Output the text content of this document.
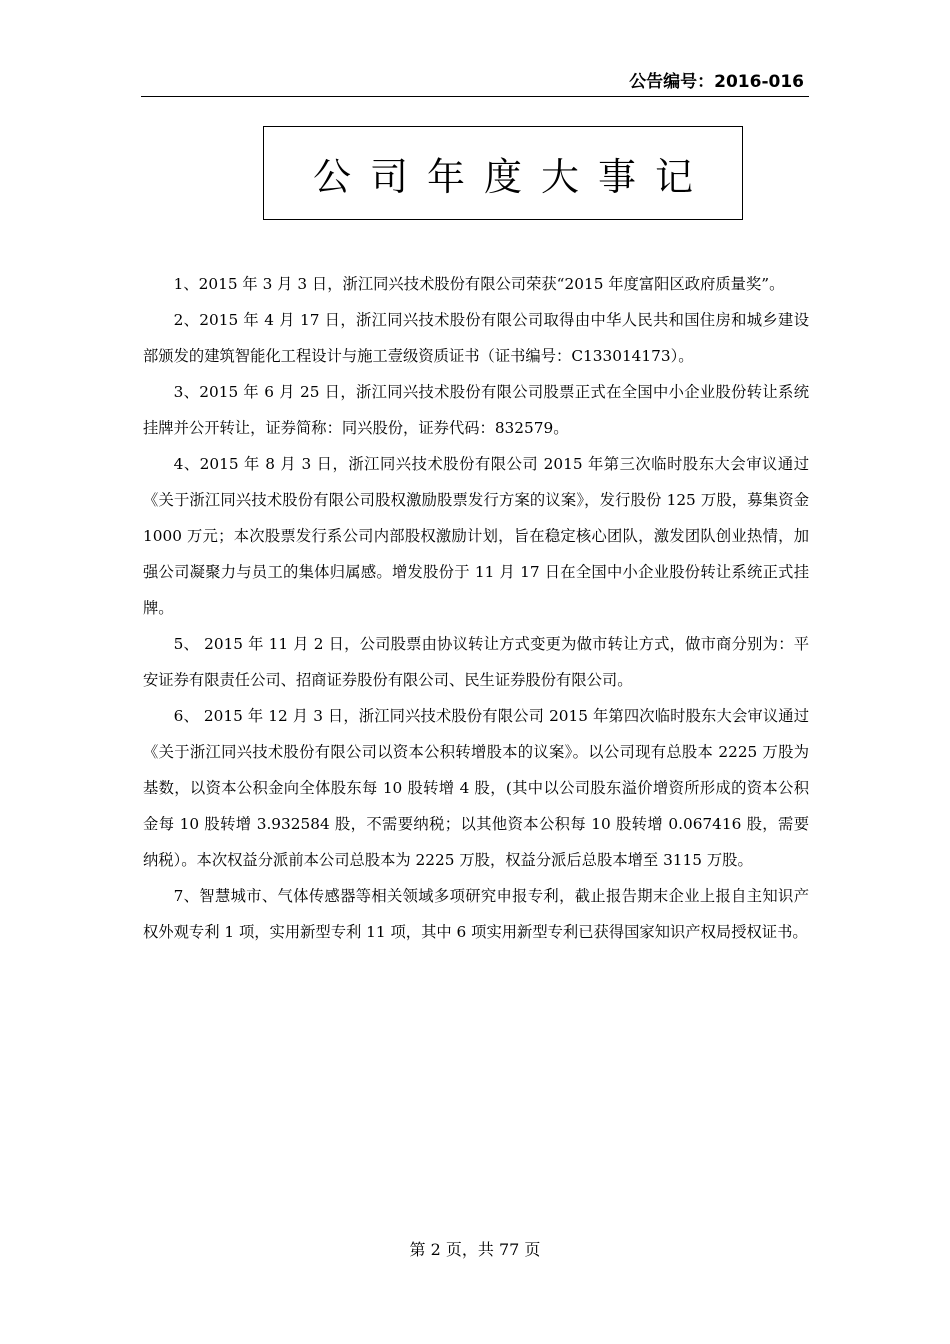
公告编号：2016-016
公司年度大事记

1、2015 年 3 月 3 日，浙江同兴技术股份有限公司荣获“2015 年度富阳区政府质量奖”。

2、2015 年 4 月 17 日，浙江同兴技术股份有限公司取得由中华人民共和国住房和城乡建设部颁发的建筑智能化工程设计与施工壹级资质证书（证书编号：C133014173）。

3、2015 年 6 月 25 日，浙江同兴技术股份有限公司股票正式在全国中小企业股份转让系统挂牌并公开转让，证券简称：同兴股份，证券代码：832579。

4、2015 年 8 月 3 日，浙江同兴技术股份有限公司 2015 年第三次临时股东大会审议通过《关于浙江同兴技术股份有限公司股权激励股票发行方案的议案》，发行股份 125 万股，募集资金 1000 万元；本次股票发行系公司内部股权激励计划，旨在稳定核心团队，激发团队创业热情，加强公司凝聚力与员工的集体归属感。增发股份于 11 月 17 日在全国中小企业股份转让系统正式挂牌。

5、 2015 年 11 月 2 日，公司股票由协议转让方式变更为做市转让方式，做市商分别为：平安证券有限责任公司、招商证券股份有限公司、民生证券股份有限公司。

6、 2015 年 12 月 3 日，浙江同兴技术股份有限公司 2015 年第四次临时股东大会审议通过《关于浙江同兴技术股份有限公司以资本公积转增股本的议案》。以公司现有总股本 2225 万股为基数，以资本公积金向全体股东每 10 股转增 4 股，(其中以公司股东溢价增资所形成的资本公积金每 10 股转增 3.932584 股，不需要纳税；以其他资本公积每 10 股转增 0.067416 股，需要纳税）。本次权益分派前本公司总股本为 2225 万股，权益分派后总股本增至 3115 万股。

7、智慧城市、气体传感器等相关领域多项研究申报专利，截止报告期末企业上报自主知识产权外观专利 1 项，实用新型专利 11 项，其中 6 项实用新型专利已获得国家知识产权局授权证书。

第 2 页，共 77 页
